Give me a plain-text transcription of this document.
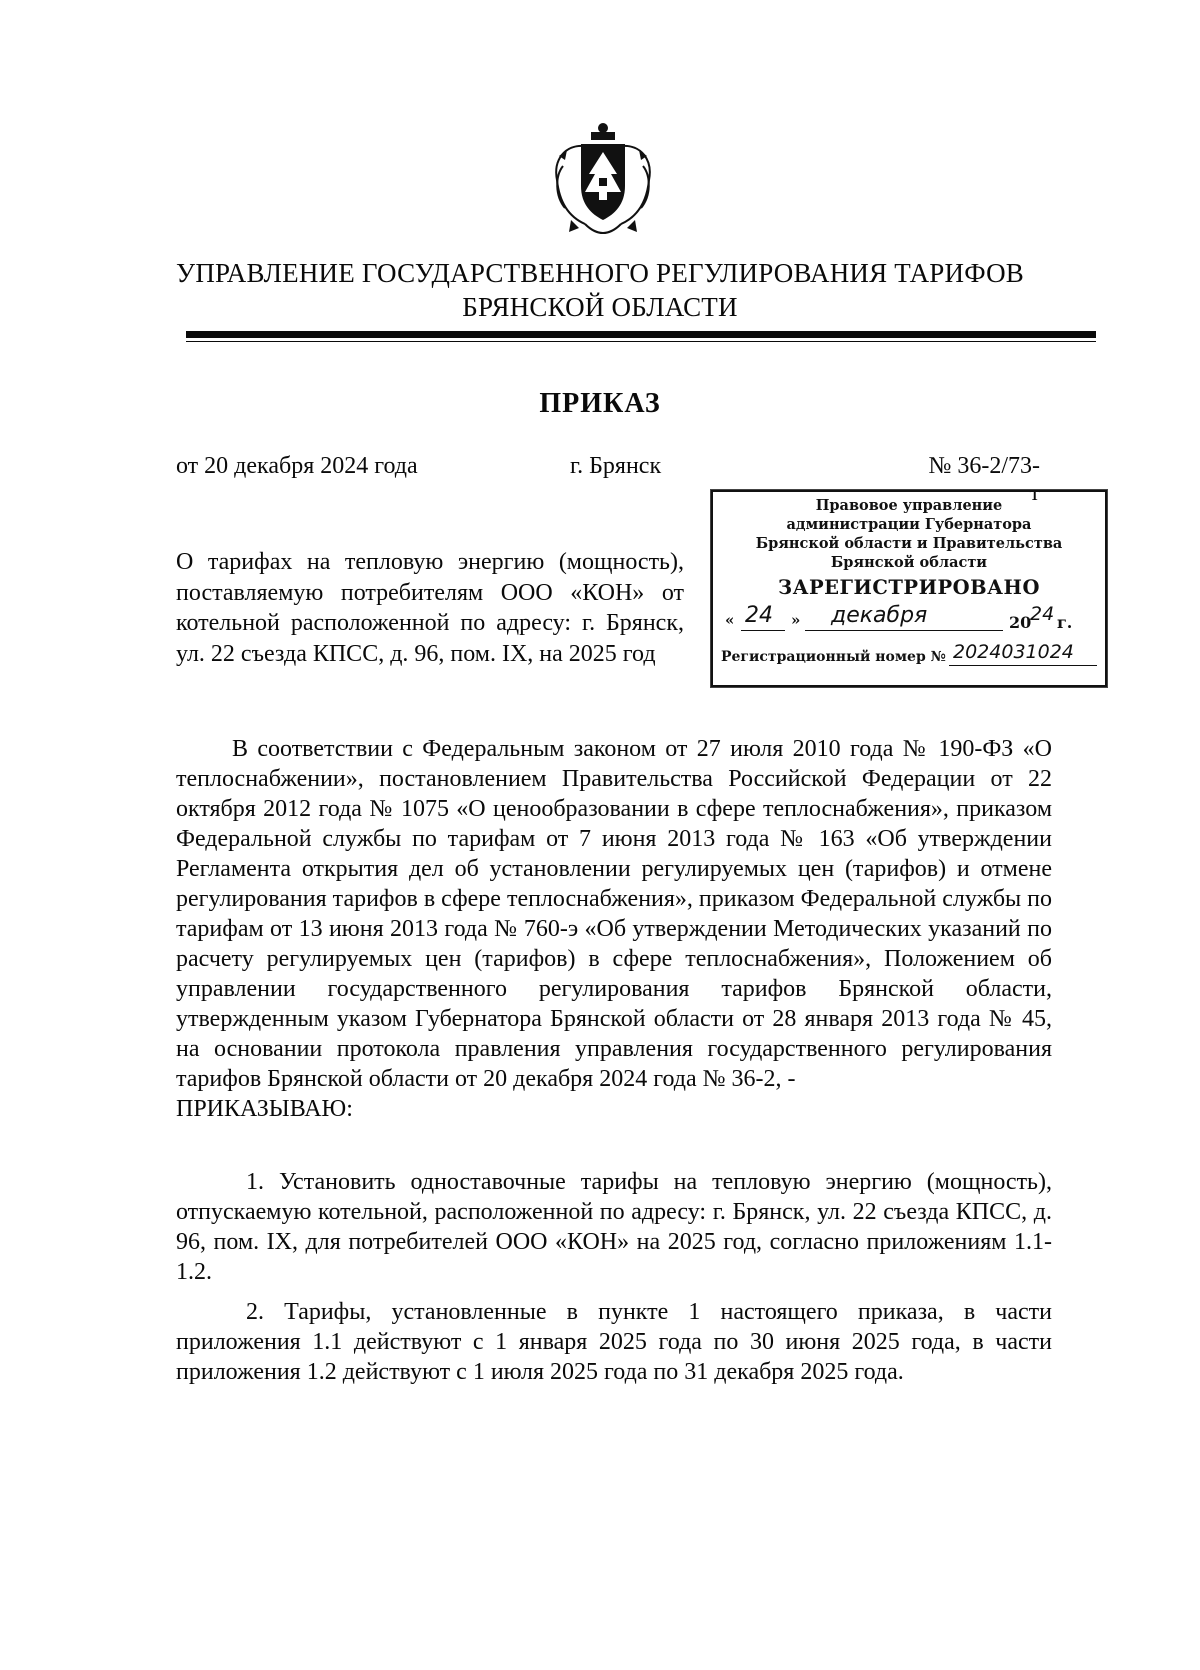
УПРАВЛЕНИЕ ГОСУДАРСТВЕННОГО РЕГУЛИРОВАНИЯ ТАРИФОВ
БРЯНСКОЙ ОБЛАСТИ
ПРИКАЗ
от 20 декабря 2024 года	г. Брянск	№ 36-2/73-т
О тарифах на тепловую энергию (мощность), поставляемую потребителям ООО «КОН» от котельной расположенной по адресу: г. Брянск, ул. 22 съезда КПСС, д. 96, пом. IX, на 2025 год
Правовое управление
администрации Губернатора
Брянской области и Правительства
Брянской области
ЗАРЕГИСТРИРОВАНО
« 24 » декабря	20
24 г.
Регистрационный номер № 2024031024

В соответствии с Федеральным законом от 27 июля 2010 года № 190-ФЗ «О теплоснабжении», постановлением Правительства Российской Федерации от 22 октября 2012 года № 1075 «О ценообразовании в сфере теплоснабжения», приказом Федеральной службы по тарифам от 7 июня 2013 года № 163 «Об утверждении Регламента открытия дел об установлении регулируемых цен (тарифов) и отмене регулирования тарифов в сфере теплоснабжения», приказом Федеральной службы по тарифам от 13 июня 2013 года № 760-э «Об утверждении Методических указаний по расчету регулируемых цен (тарифов) в сфере теплоснабжения», Положением об управлении государственного регулирования тарифов Брянской области, утвержденным указом Губернатора Брянской области от 28 января 2013 года № 45, на основании протокола правления управления государственного регулирования тарифов Брянской области от 20 декабря 2024 года № 36-2, -

ПРИКАЗЫВАЮ:

1. Установить одноставочные тарифы на тепловую энергию (мощность), отпускаемую котельной, расположенной по адресу: г. Брянск, ул. 22 съезда КПСС, д. 96, пом. IX, для потребителей ООО «КОН» на 2025 год, согласно приложениям 1.1-1.2.

2. Тарифы, установленные в пункте 1 настоящего приказа, в части приложения 1.1 действуют с 1 января 2025 года по 30 июня 2025 года, в части приложения 1.2 действуют с 1 июля 2025 года по 31 декабря 2025 года.
